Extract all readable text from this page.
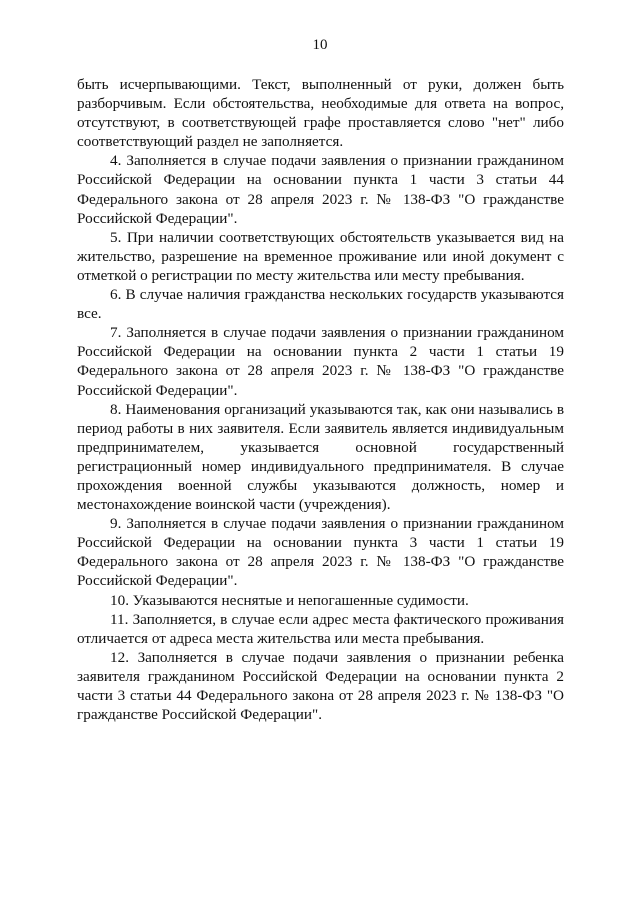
10

быть исчерпывающими. Текст, выполненный от руки, должен быть разборчивым. Если обстоятельства, необходимые для ответа на вопрос, отсутствуют, в соответствующей графе проставляется слово "нет" либо соответствующий раздел не заполняется.

4. Заполняется в случае подачи заявления о признании гражданином Российской Федерации на основании пункта 1 части 3 статьи 44 Федерального закона от 28 апреля 2023 г. № 138-ФЗ "О гражданстве Российской Федерации".

5. При наличии соответствующих обстоятельств указывается вид на жительство, разрешение на временное проживание или иной документ с отметкой о регистрации по месту жительства или месту пребывания.

6. В случае наличия гражданства нескольких государств указываются все.

7. Заполняется в случае подачи заявления о признании гражданином Российской Федерации на основании пункта 2 части 1 статьи 19 Федерального закона от 28 апреля 2023 г. № 138-ФЗ "О гражданстве Российской Федерации".

8. Наименования организаций указываются так, как они назывались в период работы в них заявителя. Если заявитель является индивидуальным предпринимателем, указывается основной государственный регистрационный номер индивидуального предпринимателя. В случае прохождения военной службы указываются должность, номер и местонахождение воинской части (учреждения).

9. Заполняется в случае подачи заявления о признании гражданином Российской Федерации на основании пункта 3 части 1 статьи 19 Федерального закона от 28 апреля 2023 г. № 138-ФЗ "О гражданстве Российской Федерации".

10. Указываются неснятые и непогашенные судимости.

11. Заполняется, в случае если адрес места фактического проживания отличается от адреса места жительства или места пребывания.

12. Заполняется в случае подачи заявления о признании ребенка заявителя гражданином Российской Федерации на основании пункта 2 части 3 статьи 44 Федерального закона от 28 апреля 2023 г. № 138-ФЗ "О гражданстве Российской Федерации".
